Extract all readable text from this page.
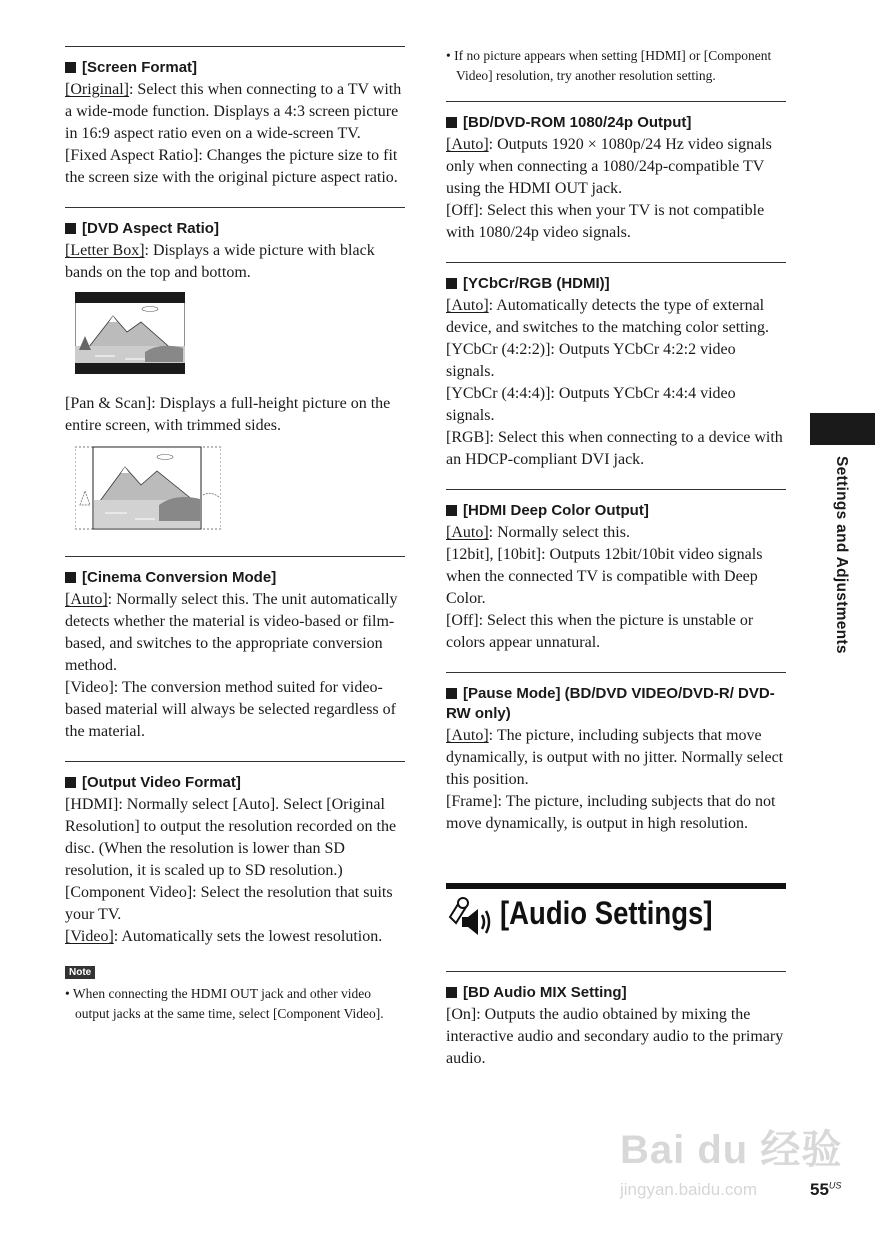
[Screen Format]

[Original]: Select this when connecting to a TV with a wide-mode function. Displays a 4:3 screen picture in 16:9 aspect ratio even on a wide-screen TV.

[Fixed Aspect Ratio]: Changes the picture size to fit the screen size with the original picture aspect ratio.

[DVD Aspect Ratio]

[Letter Box]: Displays a wide picture with black bands on the top and bottom.

[Pan & Scan]: Displays a full-height picture on the entire screen, with trimmed sides.

[Cinema Conversion Mode]

[Auto]: Normally select this. The unit automatically detects whether the material is video-based or film-based, and switches to the appropriate conversion method.

[Video]: The conversion method suited for video-based material will always be selected regardless of the material.

[Output Video Format]

[HDMI]: Normally select [Auto]. Select [Original Resolution] to output the resolution recorded on the disc. (When the resolution is lower than SD resolution, it is scaled up to SD resolution.)

[Component Video]: Select the resolution that suits your TV.

[Video]: Automatically sets the lowest resolution.

Note

• When connecting the HDMI OUT jack and other video output jacks at the same time, select [Component Video].

• If no picture appears when setting [HDMI] or [Component Video] resolution, try another resolution setting.

[BD/DVD-ROM 1080/24p Output]

[Auto]: Outputs 1920 × 1080p/24 Hz video signals only when connecting a 1080/24p-compatible TV using the HDMI OUT jack.

[Off]: Select this when your TV is not compatible with 1080/24p video signals.

[YCbCr/RGB (HDMI)]

[Auto]: Automatically detects the type of external device, and switches to the matching color setting.

[YCbCr (4:2:2)]: Outputs YCbCr 4:2:2 video signals.

[YCbCr (4:4:4)]: Outputs YCbCr 4:4:4 video signals.

[RGB]: Select this when connecting to a device with an HDCP-compliant DVI jack.

[HDMI Deep Color Output]

[Auto]: Normally select this.

[12bit], [10bit]: Outputs 12bit/10bit video signals when the connected TV is compatible with Deep Color.

[Off]: Select this when the picture is unstable or colors appear unnatural.

[Pause Mode] (BD/DVD VIDEO/DVD-R/ DVD-RW only)

[Auto]: The picture, including subjects that move dynamically, is output with no jitter. Normally select this position.

[Frame]: The picture, including subjects that do not move dynamically, is output in high resolution.

[Audio Settings]
[BD Audio MIX Setting]

[On]: Outputs the audio obtained by mixing the interactive audio and secondary audio to the primary audio.

Settings and Adjustments
Bai du 经验
jingyan.baidu.com	$55^{US}$
